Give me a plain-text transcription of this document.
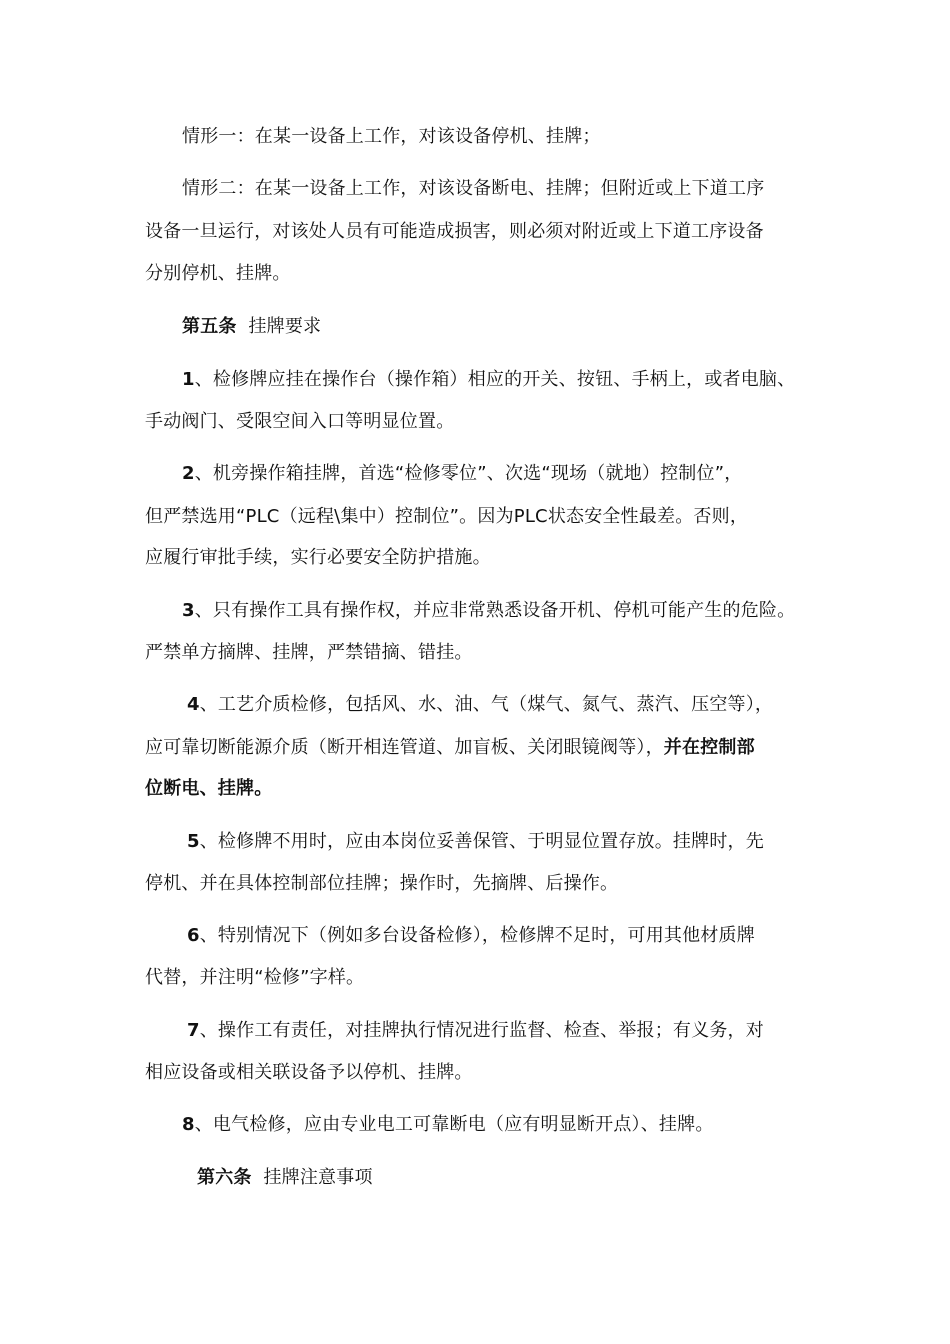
情形一：在某一设备上工作，对该设备停机、挂牌；
情形二：在某一设备上工作，对该设备断电、挂牌；但附近或上下道工序
设备一旦运行，对该处人员有可能造成损害，则必须对附近或上下道工序设备
分别停机、挂牌。
第五条 挂牌要求
1、检修牌应挂在操作台（操作箱）相应的开关、按钮、手柄上，或者电脑、
手动阀门、受限空间入口等明显位置。
2、机旁操作箱挂牌，首选“检修零位”、次选“现场（就地）控制位”，
但严禁选用“PLC（远程\集中）控制位”。因为PLC状态安全性最差。否则，
应履行审批手续，实行必要安全防护措施。
3、只有操作工具有操作权，并应非常熟悉设备开机、停机可能产生的危险。
严禁单方摘牌、挂牌，严禁错摘、错挂。
4、工艺介质检修，包括风、水、油、气（煤气、氮气、蒸汽、压空等），
应可靠切断能源介质（断开相连管道、加盲板、关闭眼镜阀等），并在控制部
位断电、挂牌。
5、检修牌不用时，应由本岗位妥善保管、于明显位置存放。挂牌时，先
停机、并在具体控制部位挂牌；操作时，先摘牌、后操作。
6、特别情况下（例如多台设备检修），检修牌不足时，可用其他材质牌
代替，并注明“检修”字样。
7、操作工有责任，对挂牌执行情况进行监督、检查、举报；有义务，对
相应设备或相关联设备予以停机、挂牌。
8、电气检修，应由专业电工可靠断电（应有明显断开点）、挂牌。
第六条 挂牌注意事项
